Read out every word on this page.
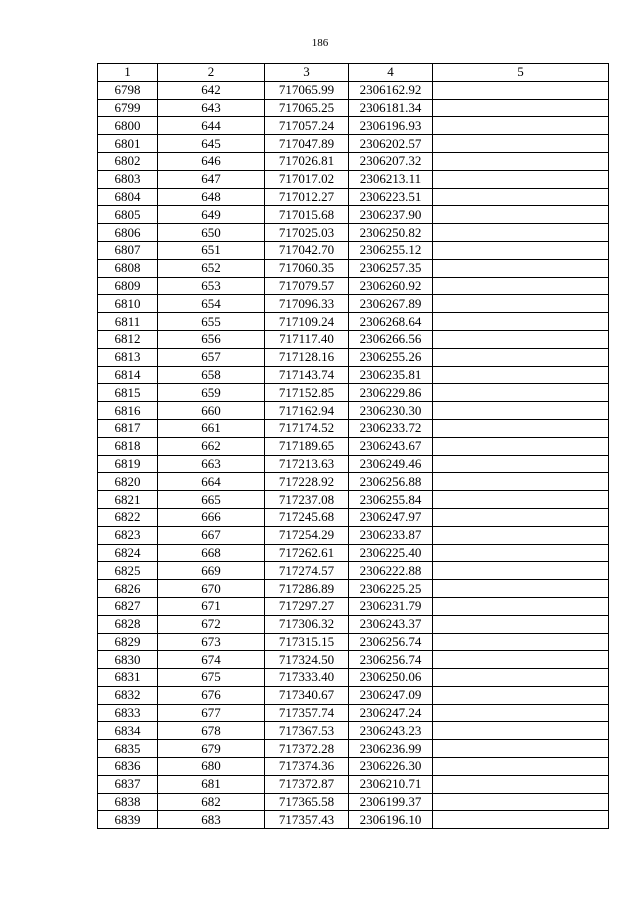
186
1	2	3	4	5
6798	642	717065.99	2306162.92	
6799	643	717065.25	2306181.34	
6800	644	717057.24	2306196.93	
6801	645	717047.89	2306202.57	
6802	646	717026.81	2306207.32	
6803	647	717017.02	2306213.11	
6804	648	717012.27	2306223.51	
6805	649	717015.68	2306237.90	
6806	650	717025.03	2306250.82	
6807	651	717042.70	2306255.12	
6808	652	717060.35	2306257.35	
6809	653	717079.57	2306260.92	
6810	654	717096.33	2306267.89	
6811	655	717109.24	2306268.64	
6812	656	717117.40	2306266.56	
6813	657	717128.16	2306255.26	
6814	658	717143.74	2306235.81	
6815	659	717152.85	2306229.86	
6816	660	717162.94	2306230.30	
6817	661	717174.52	2306233.72	
6818	662	717189.65	2306243.67	
6819	663	717213.63	2306249.46	
6820	664	717228.92	2306256.88	
6821	665	717237.08	2306255.84	
6822	666	717245.68	2306247.97	
6823	667	717254.29	2306233.87	
6824	668	717262.61	2306225.40	
6825	669	717274.57	2306222.88	
6826	670	717286.89	2306225.25	
6827	671	717297.27	2306231.79	
6828	672	717306.32	2306243.37	
6829	673	717315.15	2306256.74	
6830	674	717324.50	2306256.74	
6831	675	717333.40	2306250.06	
6832	676	717340.67	2306247.09	
6833	677	717357.74	2306247.24	
6834	678	717367.53	2306243.23	
6835	679	717372.28	2306236.99	
6836	680	717374.36	2306226.30	
6837	681	717372.87	2306210.71	
6838	682	717365.58	2306199.37	
6839	683	717357.43	2306196.10	
